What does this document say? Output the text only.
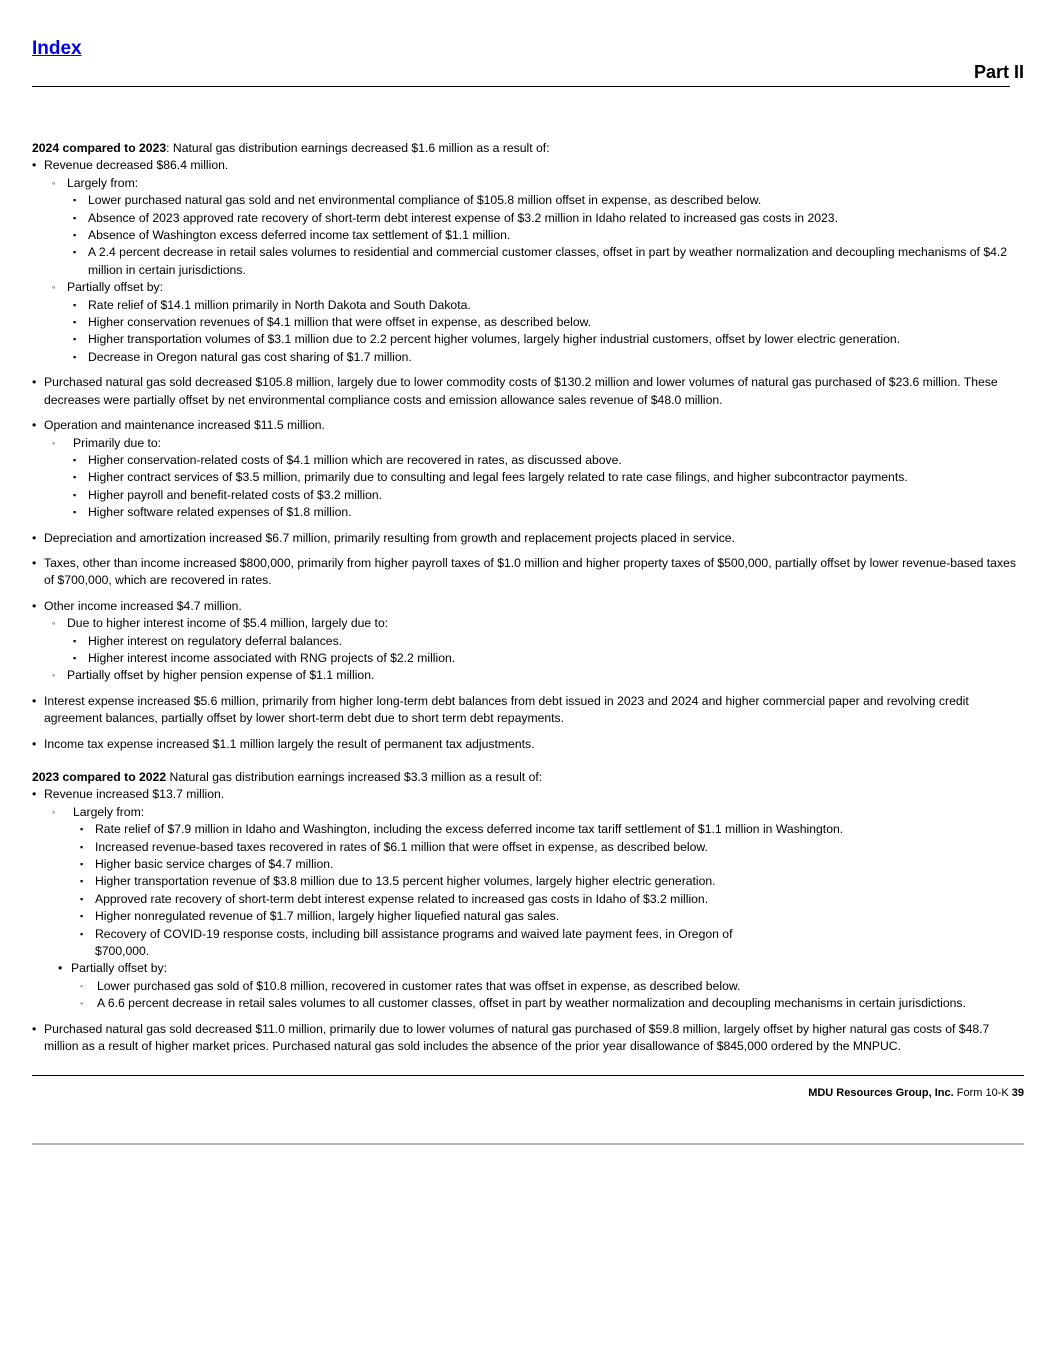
Index
Part II

2024 compared to 2023: Natural gas distribution earnings decreased $1.6 million as a result of:

• Revenue decreased $86.4 million.
◦ Largely from:
▪ Lower purchased natural gas sold and net environmental compliance of $105.8 million offset in expense, as described below.
▪ Absence of 2023 approved rate recovery of short-term debt interest expense of $3.2 million in Idaho related to increased gas costs in 2023.
▪ Absence of Washington excess deferred income tax settlement of $1.1 million.
▪ A 2.4 percent decrease in retail sales volumes to residential and commercial customer classes, offset in part by weather normalization and decoupling mechanisms of $4.2 million in certain jurisdictions.
◦ Partially offset by:
▪ Rate relief of $14.1 million primarily in North Dakota and South Dakota.
▪ Higher conservation revenues of $4.1 million that were offset in expense, as described below.
▪ Higher transportation volumes of $3.1 million due to 2.2 percent higher volumes, largely higher industrial customers, offset by lower electric generation.
▪ Decrease in Oregon natural gas cost sharing of $1.7 million.
• Purchased natural gas sold decreased $105.8 million, largely due to lower commodity costs of $130.2 million and lower volumes of natural gas purchased of $23.6 million. These decreases were partially offset by net environmental compliance costs and emission allowance sales revenue of $48.0 million.
• Operation and maintenance increased $11.5 million.
◦ Primarily due to:
▪ Higher conservation-related costs of $4.1 million which are recovered in rates, as discussed above.
▪ Higher contract services of $3.5 million, primarily due to consulting and legal fees largely related to rate case filings, and higher subcontractor payments.
▪ Higher payroll and benefit-related costs of $3.2 million.
▪ Higher software related expenses of $1.8 million.
• Depreciation and amortization increased $6.7 million, primarily resulting from growth and replacement projects placed in service.
• Taxes, other than income increased $800,000, primarily from higher payroll taxes of $1.0 million and higher property taxes of $500,000, partially offset by lower revenue-based taxes of $700,000, which are recovered in rates.
• Other income increased $4.7 million.
◦ Due to higher interest income of $5.4 million, largely due to:
▪ Higher interest on regulatory deferral balances.
▪ Higher interest income associated with RNG projects of $2.2 million.
◦ Partially offset by higher pension expense of $1.1 million.
• Interest expense increased $5.6 million, primarily from higher long-term debt balances from debt issued in 2023 and 2024 and higher commercial paper and revolving credit agreement balances, partially offset by lower short-term debt due to short term debt repayments.
• Income tax expense increased $1.1 million largely the result of permanent tax adjustments.

2023 compared to 2022 Natural gas distribution earnings increased $3.3 million as a result of:

• Revenue increased $13.7 million.
◦ Largely from:
▪ Rate relief of $7.9 million in Idaho and Washington, including the excess deferred income tax tariff settlement of $1.1 million in Washington.
▪ Increased revenue-based taxes recovered in rates of $6.1 million that were offset in expense, as described below.
▪ Higher basic service charges of $4.7 million.
▪ Higher transportation revenue of $3.8 million due to 13.5 percent higher volumes, largely higher electric generation.
▪ Approved rate recovery of short-term debt interest expense related to increased gas costs in Idaho of $3.2 million.
▪ Higher nonregulated revenue of $1.7 million, largely higher liquefied natural gas sales.
▪ Recovery of COVID-19 response costs, including bill assistance programs and waived late payment fees, in Oregon of $700,000.
• Partially offset by:
◦ Lower purchased gas sold of $10.8 million, recovered in customer rates that was offset in expense, as described below.
◦ A 6.6 percent decrease in retail sales volumes to all customer classes, offset in part by weather normalization and decoupling mechanisms in certain jurisdictions.
• Purchased natural gas sold decreased $11.0 million, primarily due to lower volumes of natural gas purchased of $59.8 million, largely offset by higher natural gas costs of $48.7 million as a result of higher market prices. Purchased natural gas sold includes the absence of the prior year disallowance of $845,000 ordered by the MNPUC.
MDU Resources Group, Inc. Form 10-K 39
